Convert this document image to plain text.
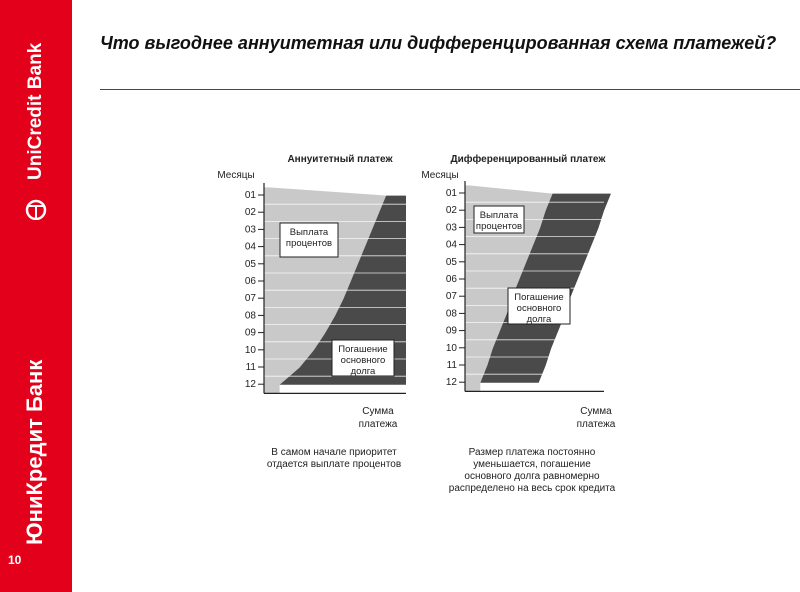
UniCredit Bank
ЮниКредит Банк
10
Что выгоднее аннуитетная или дифференцированная схема платежей?
01
02
03
04
05
06
07
08
09
10
11
12
Аннуитетный платеж
Месяцы
Сумма
платежа
Выплата
процентов
Погашение
основного
долга
В самом начале приоритет
отдается выплате процентов
01
02
03
04
05
06
07
08
09
10
11
12
Дифференцированный платеж
Месяцы
Сумма
платежа
Выплата
процентов
Погашение
основного
долга
Размер платежа постоянно
уменьшается, погашение
основного долга равномерно
распределено на весь срок кредита
